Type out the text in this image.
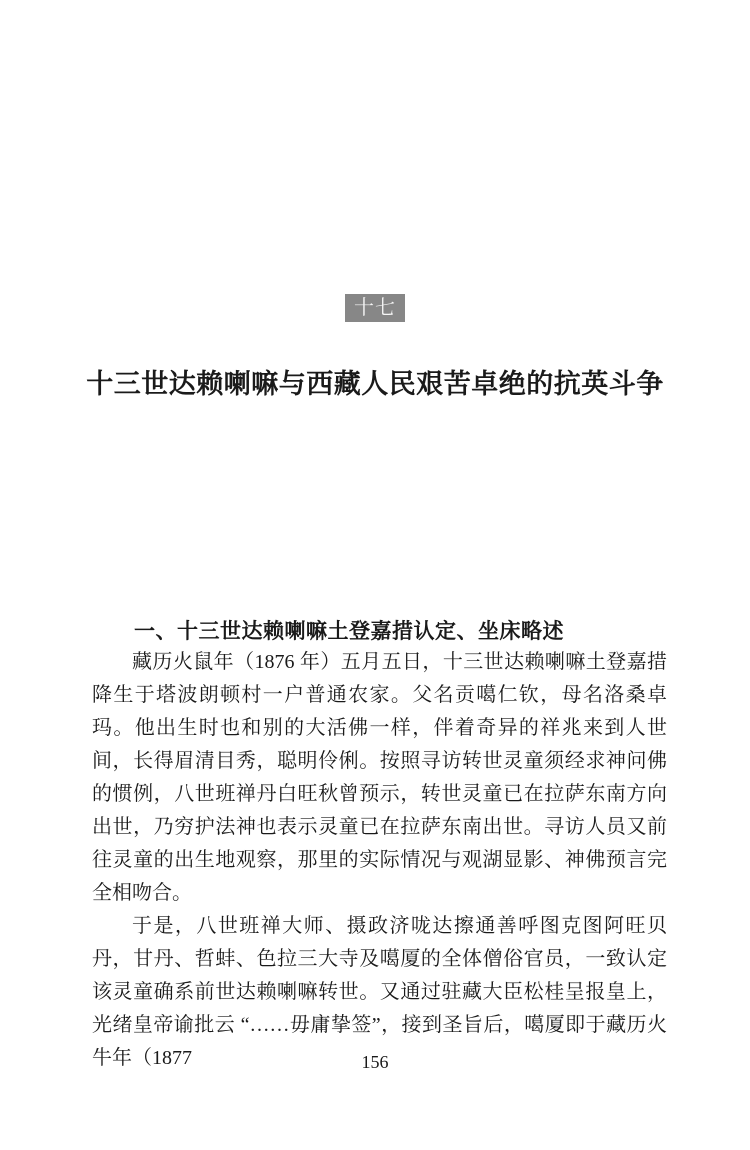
十七
十三世达赖喇嘛与西藏人民艰苦卓绝的抗英斗争
一、十三世达赖喇嘛土登嘉措认定、坐床略述

藏历火鼠年（1876 年）五月五日，十三世达赖喇嘛土登嘉措降生于塔波朗顿村一户普通农家。父名贡噶仁钦，母名洛桑卓玛。他出生时也和别的大活佛一样，伴着奇异的祥兆来到人世间，长得眉清目秀，聪明伶俐。按照寻访转世灵童须经求神问佛的惯例，八世班禅丹白旺秋曾预示，转世灵童已在拉萨东南方向出世，乃穷护法神也表示灵童已在拉萨东南出世。寻访人员又前往灵童的出生地观察，那里的实际情况与观湖显影、神佛预言完全相吻合。

于是，八世班禅大师、摄政济咙达擦通善呼图克图阿旺贝丹，甘丹、哲蚌、色拉三大寺及噶厦的全体僧俗官员，一致认定该灵童确系前世达赖喇嘛转世。又通过驻藏大臣松桂呈报皇上，光绪皇帝谕批云 “……毋庸挚签”，接到圣旨后，噶厦即于藏历火牛年（1877	156
